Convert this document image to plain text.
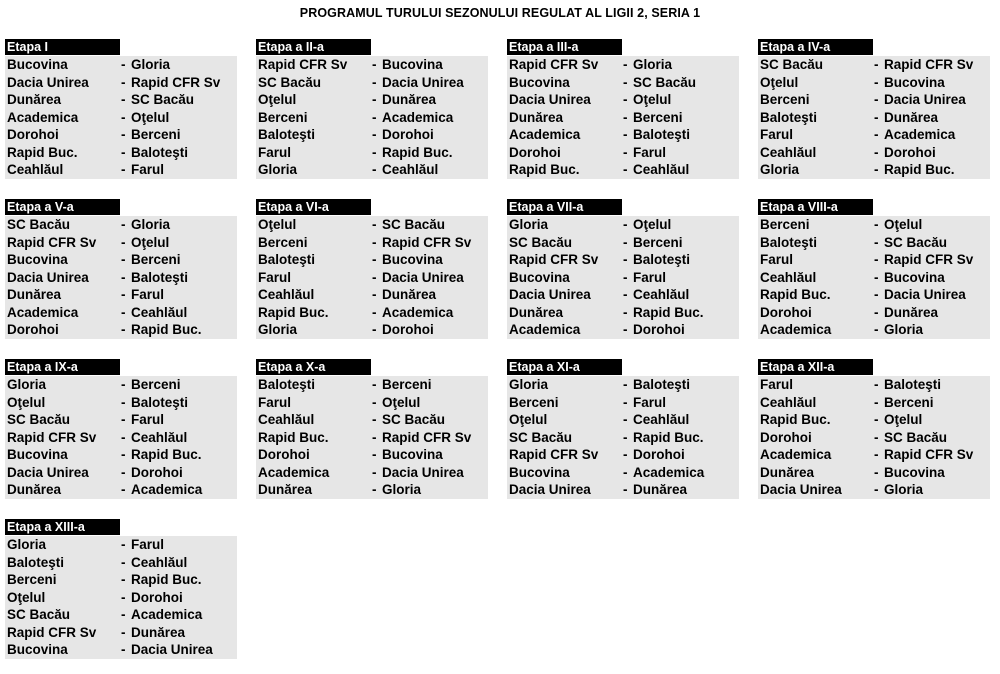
PROGRAMUL TURULUI SEZONULUI REGULAT AL LIGII 2, SERIA 1
Etapa I
Bucovina	- Gloria
Dacia Unirea	- Rapid CFR Sv
Dunărea	- SC Bacău
Academica	- Oţelul
Dorohoi	- Berceni
Rapid Buc.	- Baloteşti
Ceahlăul	- Farul
Etapa a II-a
Rapid CFR Sv	- Bucovina
SC Bacău	- Dacia Unirea
Oţelul	- Dunărea
Berceni	- Academica
Baloteşti	- Dorohoi
Farul	- Rapid Buc.
Gloria	- Ceahlăul
Etapa a III-a
Rapid CFR Sv	- Gloria
Bucovina	- SC Bacău
Dacia Unirea	- Oţelul
Dunărea	- Berceni
Academica	- Baloteşti
Dorohoi	- Farul
Rapid Buc.	- Ceahlăul
Etapa a IV-a
SC Bacău	- Rapid CFR Sv
Oţelul	- Bucovina
Berceni	- Dacia Unirea
Baloteşti	- Dunărea
Farul	- Academica
Ceahlăul	- Dorohoi
Gloria	- Rapid Buc.
Etapa a V-a
SC Bacău	- Gloria
Rapid CFR Sv	- Oţelul
Bucovina	- Berceni
Dacia Unirea	- Baloteşti
Dunărea	- Farul
Academica	- Ceahlăul
Dorohoi	- Rapid Buc.
Etapa a VI-a
Oţelul	- SC Bacău
Berceni	- Rapid CFR Sv
Baloteşti	- Bucovina
Farul	- Dacia Unirea
Ceahlăul	- Dunărea
Rapid Buc.	- Academica
Gloria	- Dorohoi
Etapa a VII-a
Gloria	- Oţelul
SC Bacău	- Berceni
Rapid CFR Sv	- Baloteşti
Bucovina	- Farul
Dacia Unirea	- Ceahlăul
Dunărea	- Rapid Buc.
Academica	- Dorohoi
Etapa a VIII-a
Berceni	- Oţelul
Baloteşti	- SC Bacău
Farul	- Rapid CFR Sv
Ceahlăul	- Bucovina
Rapid Buc.	- Dacia Unirea
Dorohoi	- Dunărea
Academica	- Gloria
Etapa a IX-a
Gloria	- Berceni
Oţelul	- Baloteşti
SC Bacău	- Farul
Rapid CFR Sv	- Ceahlăul
Bucovina	- Rapid Buc.
Dacia Unirea	- Dorohoi
Dunărea	- Academica
Etapa a X-a
Baloteşti	- Berceni
Farul	- Oţelul
Ceahlăul	- SC Bacău
Rapid Buc.	- Rapid CFR Sv
Dorohoi	- Bucovina
Academica	- Dacia Unirea
Dunărea	- Gloria
Etapa a XI-a
Gloria	- Baloteşti
Berceni	- Farul
Oţelul	- Ceahlăul
SC Bacău	- Rapid Buc.
Rapid CFR Sv	- Dorohoi
Bucovina	- Academica
Dacia Unirea	- Dunărea
Etapa a XII-a
Farul	- Baloteşti
Ceahlăul	- Berceni
Rapid Buc.	- Oţelul
Dorohoi	- SC Bacău
Academica	- Rapid CFR Sv
Dunărea	- Bucovina
Dacia Unirea	- Gloria
Etapa a XIII-a
Gloria	- Farul
Baloteşti	- Ceahlăul
Berceni	- Rapid Buc.
Oţelul	- Dorohoi
SC Bacău	- Academica
Rapid CFR Sv	- Dunărea
Bucovina	- Dacia Unirea
